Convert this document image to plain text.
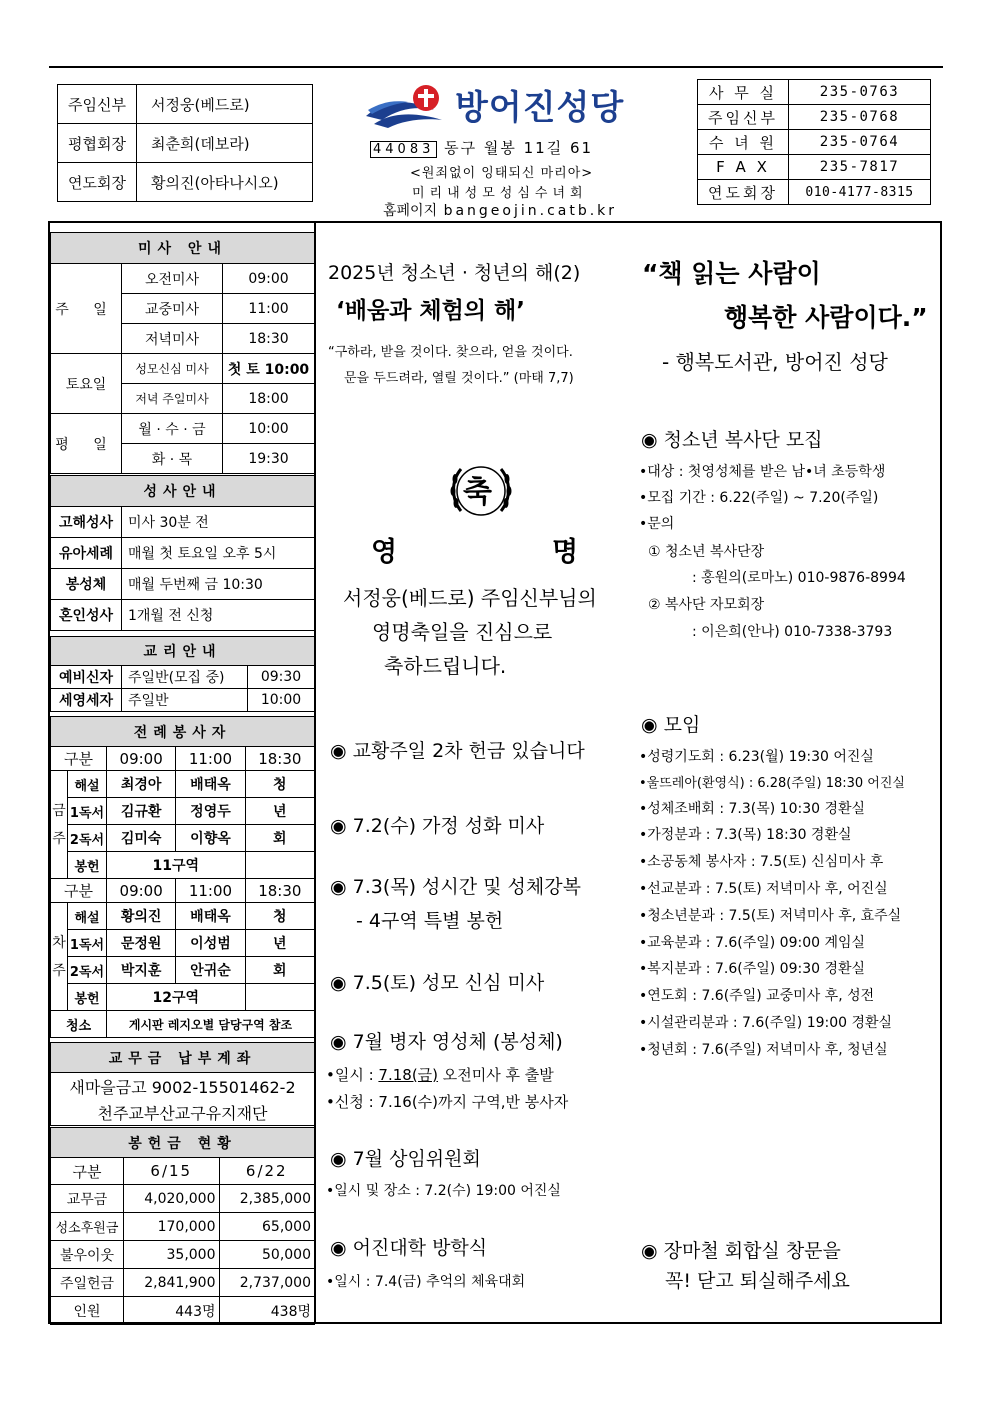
주임신부	서정웅(베드로)
평협회장	최춘희(데보라)
연도회장	황의진(아타나시오)
방어진성당
44083 동구 월봉 11길 61
<원죄없이 잉태되신 마리아>
미리내성모성심수녀회
홈페이지 bangeojin.catb.kr
사 무 실	235-0763
주임신부	235-0768
수 녀 원	235-0764
F A X	235-7817
연도회장	010-4177-8315
미사 안내		
주 일	오전미사	09:00
	교중미사	11:00
	저녁미사	18:30
토요일	성모신심 미사	첫 토 10:00
	저녁 주일미사	18:00
평 일	월 · 수 · 금	10:00
	화 · 목	19:30
성사안내	
고해성사	미사 30분 전
유아세례	매월 첫 토요일 오후 5시
봉성체	매월 두번째 금 10:30
혼인성사	1개월 전 신청
교리안내		
예비신자	주일반(모집 중)	09:30
세영세자	주일반	10:00
전례봉사자				
구분		09:00	11:00	18:30

금
주	해설	최경아	배태옥	청
	1독서	김규환	정영두	년
	2독서	김미숙	이향옥	회
	봉헌	11구역		
구분		09:00	11:00	18:30

차
주	해설	황의진	배태옥	청
	1독서	문정원	이성범	년
	2독서	박지훈	안귀순	회
	봉헌	12구역		
청소		게시판 레지오별 담당구역 참조		
교무금 납부계좌
새마을금고 9002-15501462-2
천주교부산교구유지재단
봉헌금 현황		
구분	6/15	6/22
교무금	4,020,000	2,385,000
성소후원금	170,000	65,000
불우이웃	35,000	50,000
주일헌금	2,841,900	2,737,000
인원	443명	438명
2025년 청소년 · 청년의 해(2)
‘배움과 체험의 해’
“구하라, 받을 것이다. 찾으라, 얻을 것이다.
문을 두드려라, 열릴 것이다.” (마태 7,7)
축
영	명
서정웅(베드로) 주임신부님의
영명축일을 진심으로
축하드립니다.
◉ 교황주일 2차 헌금 있습니다
◉ 7.2(수) 가정 성화 미사
◉ 7.3(목) 성시간 및 성체강복
- 4구역 특별 봉헌
◉ 7.5(토) 성모 신심 미사
◉ 7월 병자 영성체 (봉성체)
•일시 : 7.18(금) 오전미사 후 출발
•신청 : 7.16(수)까지 구역,반 봉사자
◉ 7월 상임위원회
•일시 및 장소 : 7.2(수) 19:00 어진실
◉ 어진대학 방학식
•일시 : 7.4(금) 추억의 체육대회
“책 읽는 사람이
행복한 사람이다.”
- 행복도서관, 방어진 성당
◉ 청소년 복사단 모집
•대상 : 첫영성체를 받은 남•녀 초등학생
•모집 기간 : 6.22(주일) ~ 7.20(주일)
•문의
① 청소년 복사단장
: 홍원의(로마노) 010-9876-8994
② 복사단 자모회장
: 이은희(안나) 010-7338-3793
◉ 모임
•성령기도회 : 6.23(월) 19:30 어진실
•울뜨레아(환영식) : 6.28(주일) 18:30 어진실
•성체조배회 : 7.3(목) 10:30 경환실
•가정분과 : 7.3(목) 18:30 경환실
•소공동체 봉사자 : 7.5(토) 신심미사 후
•선교분과 : 7.5(토) 저녁미사 후, 어진실
•청소년분과 : 7.5(토) 저녁미사 후, 효주실
•교육분과 : 7.6(주일) 09:00 계임실
•복지분과 : 7.6(주일) 09:30 경환실
•연도회 : 7.6(주일) 교중미사 후, 성전
•시설관리분과 : 7.6(주일) 19:00 경환실
•청년회 : 7.6(주일) 저녁미사 후, 청년실
◉ 장마철 회합실 창문을
꼭! 닫고 퇴실해주세요
